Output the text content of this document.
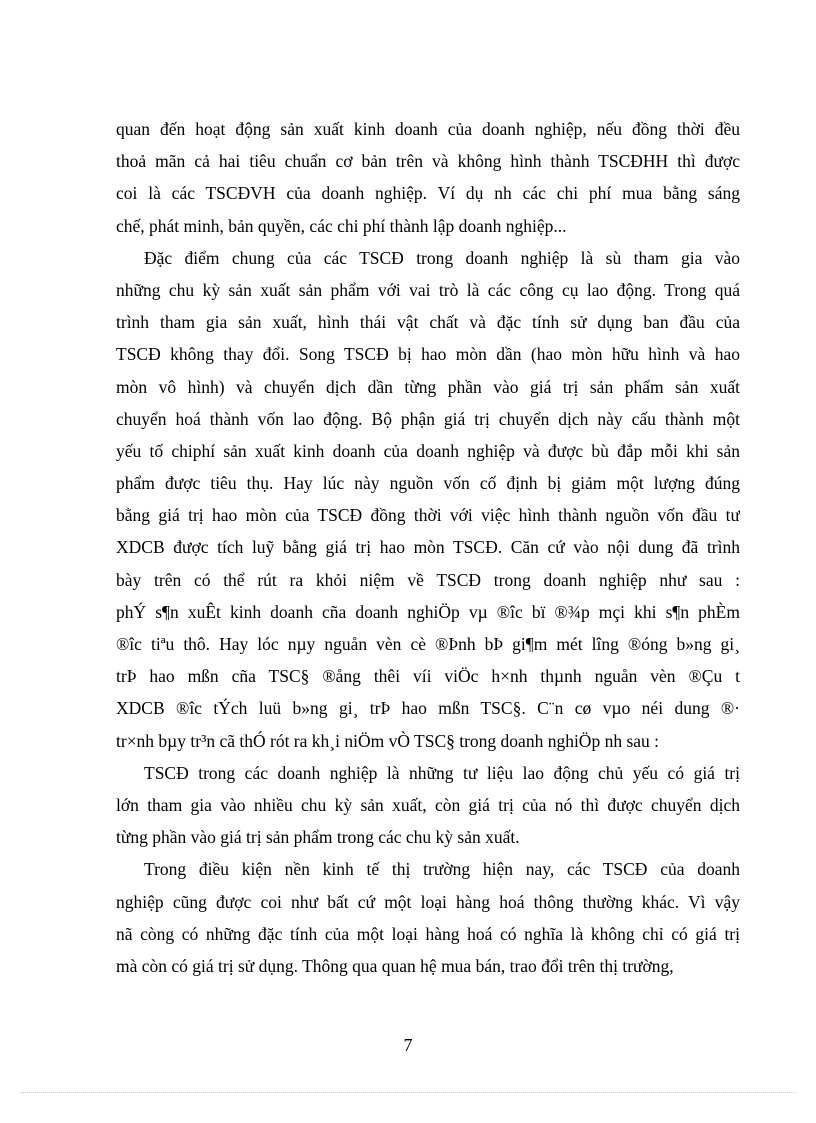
quan đến hoạt động sản xuất kinh doanh của doanh nghiệp, nếu đồng thời đều
thoả mãn cả hai tiêu chuẩn cơ bản trên và không hình thành TSCĐHH thì được
coi là các TSCĐVH của doanh nghiệp. Ví dụ nh các chi phí mua bằng sáng
chế, phát minh, bản quyền, các chi phí thành lập doanh nghiệp...
Đặc điểm chung của các TSCĐ trong doanh nghiệp là sù tham gia vào
những chu kỳ sản xuất sản phẩm với vai trò là các công cụ lao động. Trong quá
trình tham gia sản xuất, hình thái vật chất và đặc tính sử dụng ban đầu của
TSCĐ không thay đổi. Song TSCĐ bị hao mòn dần (hao mòn hữu hình và hao
mòn vô hình) và chuyển dịch dần từng phần vào giá trị sản phẩm sản xuất
chuyển hoá thành vốn lao động. Bộ phận giá trị chuyển dịch này cấu thành một
yếu tố chiphí sản xuất kinh doanh của doanh nghiệp và được bù đắp mỗi khi sản
phẩm được tiêu thụ. Hay lúc này nguồn vốn cố định bị giảm một lượng đúng
bằng giá trị hao mòn của TSCĐ đồng thời với việc hình thành nguồn vốn đầu tư
XDCB được tích luỹ bằng giá trị hao mòn TSCĐ. Căn cứ vào nội dung đã trình
bày trên có thể rút ra khỏi niệm về TSCĐ trong doanh nghiệp như sau :
phÝ s¶n xuÊt kinh doanh cña doanh nghiÖp vµ ®îc bï ®¾p mçi khi s¶n phÈm
®îc tiªu thô. Hay lóc nµy nguån vèn cè ®Þnh bÞ gi¶m mét lîng ®óng b»ng gi¸
trÞ hao mßn cña TSC§ ®ång thêi víi viÖc h×nh thµnh nguån vèn ®Çu t
XDCB ®îc tÝch luü b»ng gi¸ trÞ hao mßn TSC§. C¨n cø vµo néi dung ®·
tr×nh bµy tr³n cã thÓ rót ra kh¸i niÖm vÒ TSC§ trong doanh nghiÖp nh sau :
TSCĐ trong các doanh nghiệp là những tư liệu lao động chủ yếu có giá trị
lớn tham gia vào nhiều chu kỳ sản xuất, còn giá trị của nó thì được chuyển dịch
từng phần vào giá trị sản phẩm trong các chu kỳ sản xuất.
Trong điều kiện nền kinh tế thị trường hiện nay, các TSCĐ của doanh
nghiệp cũng được coi như bất cứ một loại hàng hoá thông thường khác. Vì vậy
nã còng có những đặc tính của một loại hàng hoá có nghĩa là không chỉ có giá trị
mà còn có giá trị sử dụng. Thông qua quan hệ mua bán, trao đổi trên thị trường,
7
